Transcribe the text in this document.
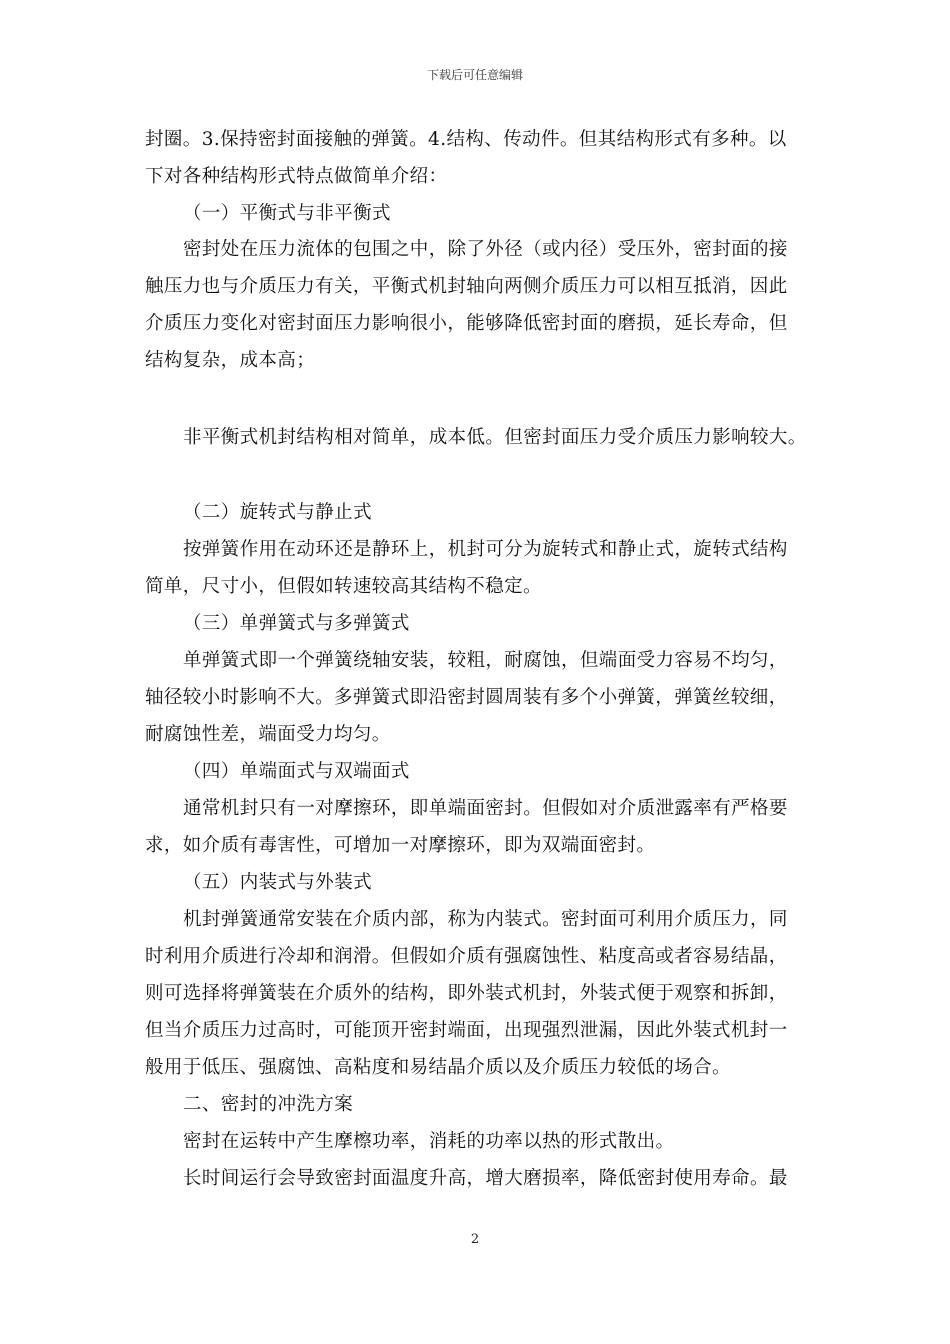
下载后可任意编辑
封圈。3.保持密封面接触的弹簧。4.结构、传动件。但其结构形式有多种。以
下对各种结构形式特点做简单介绍：
（一）平衡式与非平衡式
密封处在压力流体的包围之中，除了外径（或内径）受压外，密封面的接
触压力也与介质压力有关，平衡式机封轴向两侧介质压力可以相互抵消，因此
介质压力变化对密封面压力影响很小，能够降低密封面的磨损，延长寿命，但
结构复杂，成本高；
非平衡式机封结构相对简单，成本低。但密封面压力受介质压力影响较大。
（二）旋转式与静止式
按弹簧作用在动环还是静环上，机封可分为旋转式和静止式，旋转式结构
简单，尺寸小，但假如转速较高其结构不稳定。
（三）单弹簧式与多弹簧式
单弹簧式即一个弹簧绕轴安装，较粗，耐腐蚀，但端面受力容易不均匀，
轴径较小时影响不大。多弹簧式即沿密封圆周装有多个小弹簧，弹簧丝较细，
耐腐蚀性差，端面受力均匀。
（四）单端面式与双端面式
通常机封只有一对摩擦环，即单端面密封。但假如对介质泄露率有严格要
求，如介质有毒害性，可增加一对摩擦环，即为双端面密封。
（五）内装式与外装式
机封弹簧通常安装在介质内部，称为内装式。密封面可利用介质压力，同
时利用介质进行冷却和润滑。但假如介质有强腐蚀性、粘度高或者容易结晶，
则可选择将弹簧装在介质外的结构，即外装式机封，外装式便于观察和拆卸，
但当介质压力过高时，可能顶开密封端面，出现强烈泄漏，因此外装式机封一
般用于低压、强腐蚀、高粘度和易结晶介质以及介质压力较低的场合。
二、密封的冲洗方案
密封在运转中产生摩檫功率，消耗的功率以热的形式散出。
长时间运行会导致密封面温度升高，增大磨损率，降低密封使用寿命。最
2
